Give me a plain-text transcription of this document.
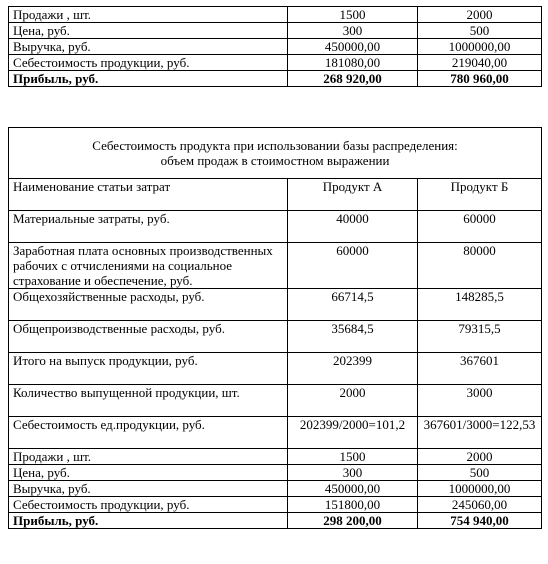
Продажи , шт.	1500	2000
Цена, руб.	300	500
Выручка, руб.	450000,00	1000000,00
Себестоимость продукции, руб.	181080,00	219040,00
Прибыль, руб.	268 920,00	780 960,00
Себестоимость продукта при использовании базы распределения:
объем продаж в стоимостном выражении		
Наименование статьи затрат	Продукт А	Продукт Б
Материальные затраты, руб.	40000	60000
Заработная плата основных производственных рабочих с отчислениями на социальное страхование и обеспечение, руб.	60000	80000
Общехозяйственные расходы, руб.	66714,5	148285,5
Общепроизводственные расходы, руб.	35684,5	79315,5
Итого на выпуск продукции, руб.	202399	367601
Количество выпущенной продукции, шт.	2000	3000
Себестоимость ед.продукции, руб.	202399/2000=101,2	367601/3000=122,53
Продажи , шт.	1500	2000
Цена, руб.	300	500
Выручка, руб.	450000,00	1000000,00
Себестоимость продукции, руб.	151800,00	245060,00
Прибыль, руб.	298 200,00	754 940,00
